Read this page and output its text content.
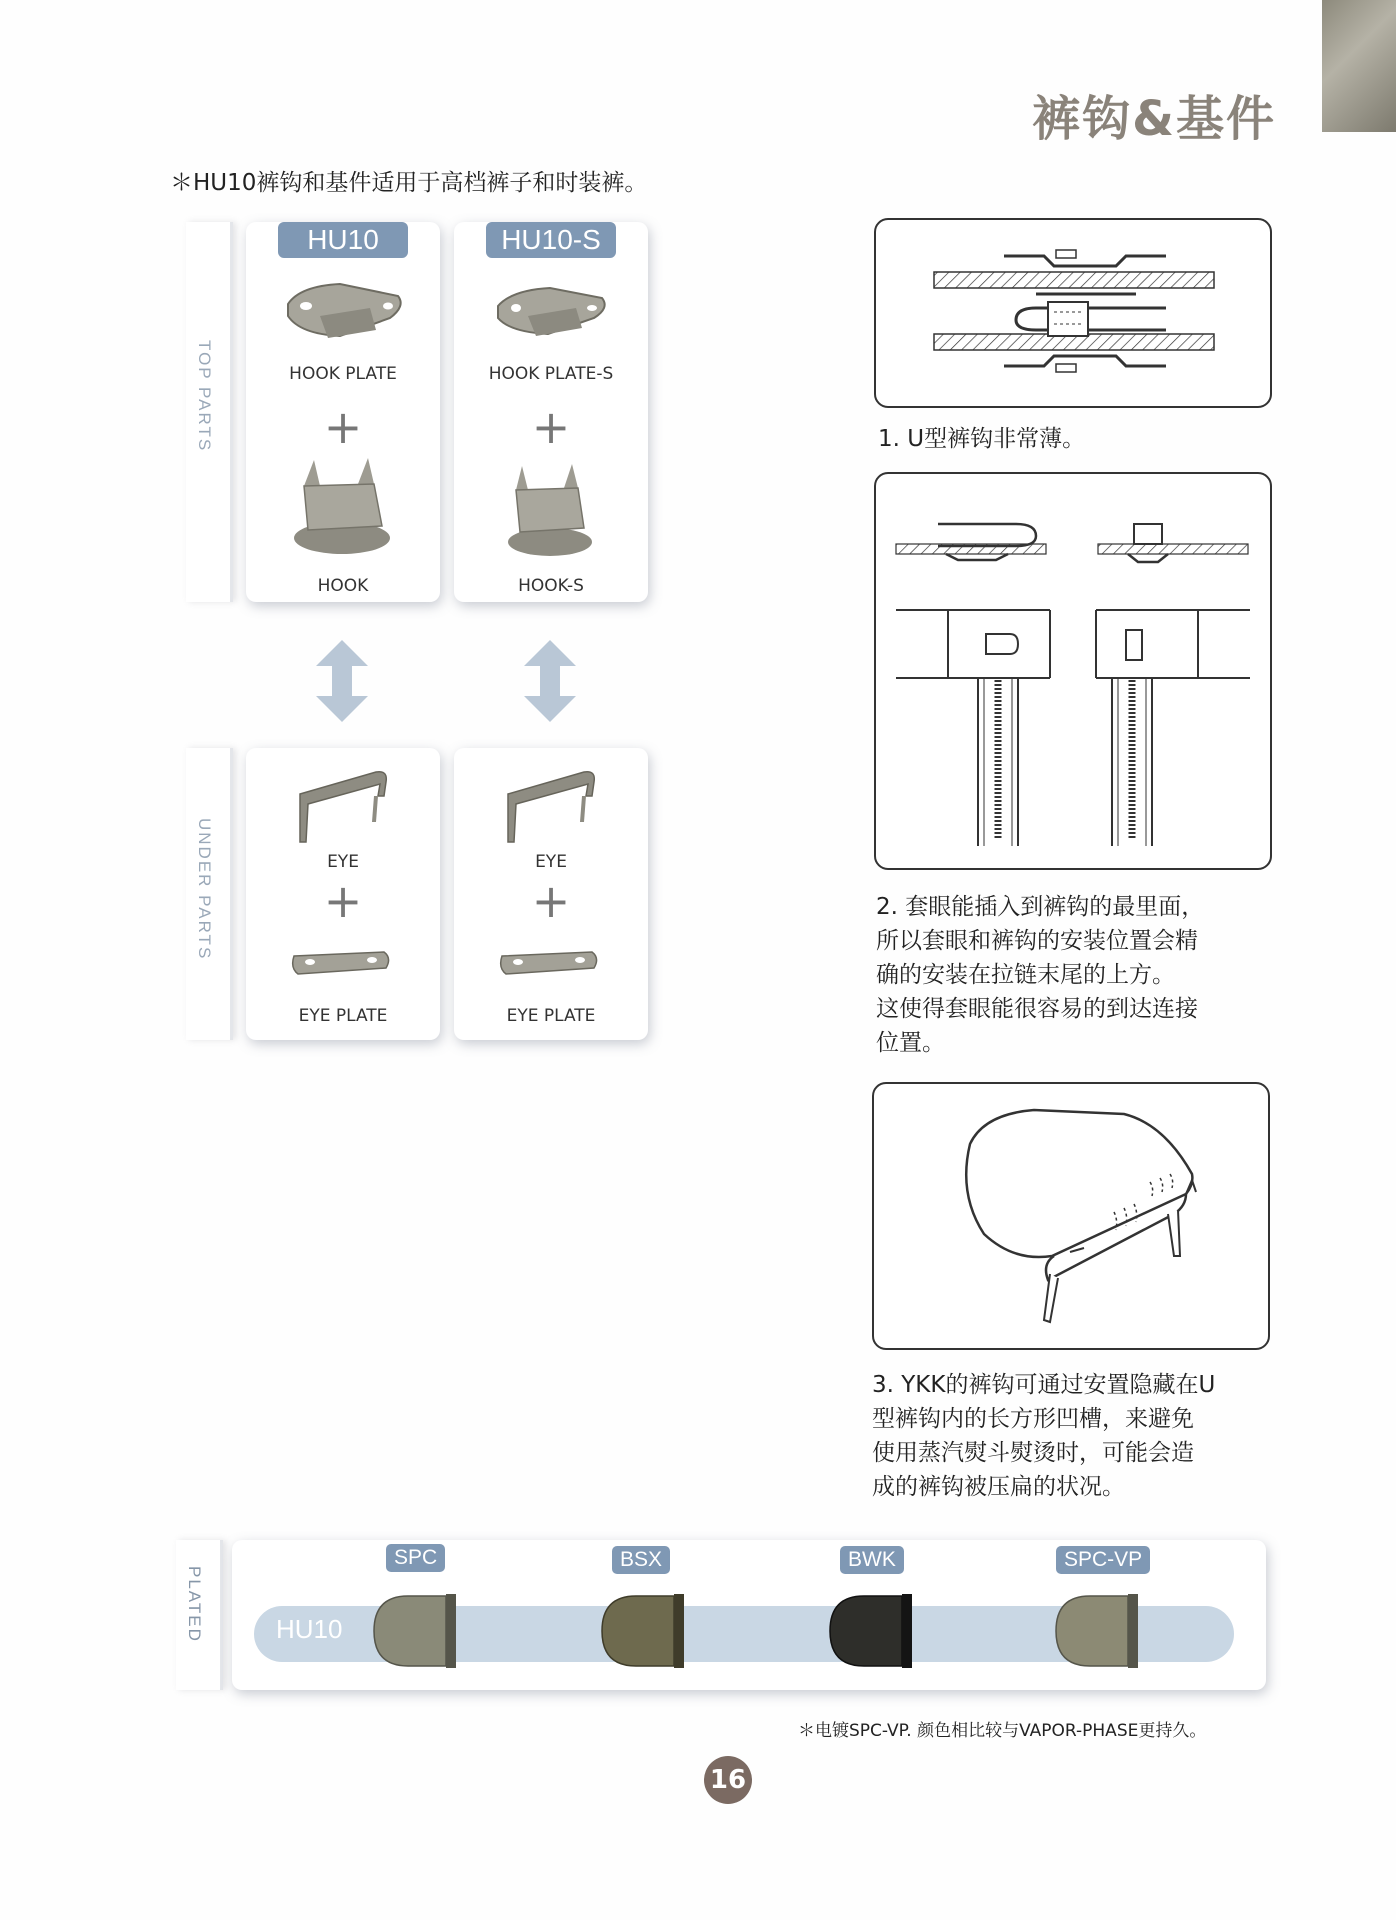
裤钩&基件
＊HU10裤钩和基件适用于高档裤子和时装裤。
TOP PARTS
HU10	HU10-S
HOOK PLATE	HOOK PLATE-S
+	+
HOOK	HOOK-S
UNDER PARTS	EYE	EYE
+	+
EYE PLATE	EYE PLATE
1. U型裤钩非常薄。
2. 套眼能插入到裤钩的最里面，
所以套眼和裤钩的安装位置会精
确的安装在拉链末尾的上方。
这使得套眼能很容易的到达连接
位置。
3. YKK的裤钩可通过安置隐藏在U
型裤钩内的长方形凹槽，来避免
使用蒸汽熨斗熨烫时，可能会造
成的裤钩被压扁的状况。
PLATED	HU10
SPC	BSX	BWK	SPC-VP
＊电镀SPC-VP. 颜色相比较与VAPOR-PHASE更持久。
16
